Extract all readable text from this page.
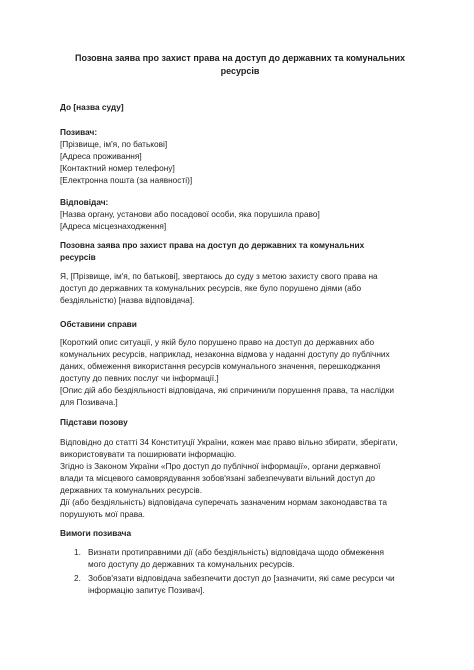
Позовна заява про захист права на доступ до державних та комунальних
ресурсів
До [назва суду]
Позивач:
[Прізвище, ім'я, по батькові]
[Адреса проживання]
[Контактний номер телефону]
[Електронна пошта (за наявності)]
Відповідач:
[Назва органу, установи або посадової особи, яка порушила право]
[Адреса місцезнаходження]
Позовна заява про захист права на доступ до державних та комунальних
ресурсів
Я, [Прізвище, ім'я, по батькові], звертаюсь до суду з метою захисту свого права на
доступ до державних та комунальних ресурсів, яке було порушено діями (або
бездіяльністю) [назва відповідача].
Обставини справи
[Короткий опис ситуації, у якій було порушено право на доступ до державних або
комунальних ресурсів, наприклад, незаконна відмова у наданні доступу до публічних
даних, обмеження використання ресурсів комунального значення, перешкоджання
доступу до певних послуг чи інформації.]
[Опис дій або бездіяльності відповідача, які спричинили порушення права, та наслідки
для Позивача.]
Підстави позову
Відповідно до статті 34 Конституції України, кожен має право вільно збирати, зберігати,
використовувати та поширювати інформацію.
Згідно із Законом України «Про доступ до публічної інформації», органи державної
влади та місцевого самоврядування зобов'язані забезпечувати вільний доступ до
державних та комунальних ресурсів.
Дії (або бездіяльність) відповідача суперечать зазначеним нормам законодавства та
порушують мої права.
Вимоги позивача
1. Визнати протиправними дії (або бездіяльність) відповідача щодо обмеження
мого доступу до державних та комунальних ресурсів.
2. Зобов'язати відповідача забезпечити доступ до [зазначити, які саме ресурси чи
інформацію запитує Позивач].
